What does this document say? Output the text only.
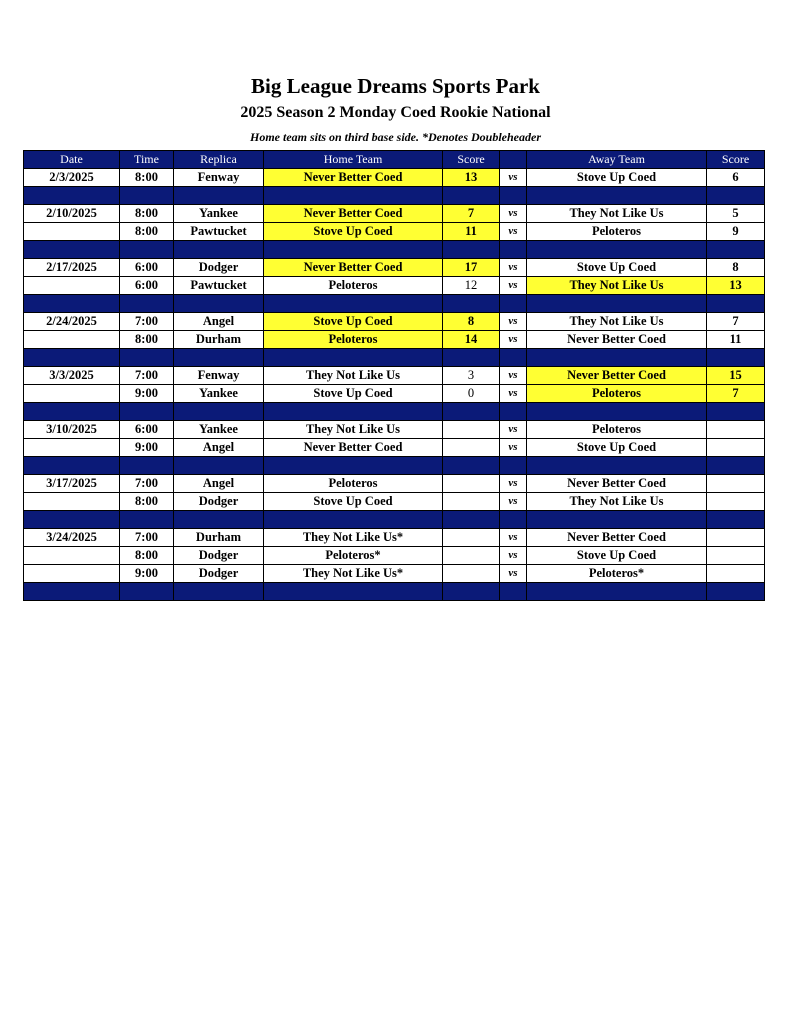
Big League Dreams Sports Park
2025 Season 2 Monday Coed Rookie National
Home team sits on third base side. *Denotes Doubleheader
Date	Time	Replica	Home Team	Score		Away Team	Score
2/3/2025	8:00	Fenway	Never Better Coed	13	vs	Stove Up Coed	6

2/10/2025	8:00	Yankee	Never Better Coed	7	vs	They Not Like Us	5
	8:00	Pawtucket	Stove Up Coed	11	vs	Peloteros	9

2/17/2025	6:00	Dodger	Never Better Coed	17	vs	Stove Up Coed	8
	6:00	Pawtucket	Peloteros	12	vs	They Not Like Us	13

2/24/2025	7:00	Angel	Stove Up Coed	8	vs	They Not Like Us	7
	8:00	Durham	Peloteros	14	vs	Never Better Coed	11

3/3/2025	7:00	Fenway	They Not Like Us	3	vs	Never Better Coed	15
	9:00	Yankee	Stove Up Coed	0	vs	Peloteros	7

3/10/2025	6:00	Yankee	They Not Like Us		vs	Peloteros	
	9:00	Angel	Never Better Coed		vs	Stove Up Coed	

3/17/2025	7:00	Angel	Peloteros		vs	Never Better Coed	
	8:00	Dodger	Stove Up Coed		vs	They Not Like Us	

3/24/2025	7:00	Durham	They Not Like Us*		vs	Never Better Coed	
	8:00	Dodger	Peloteros*		vs	Stove Up Coed	
	9:00	Dodger	They Not Like Us*		vs	Peloteros*	
